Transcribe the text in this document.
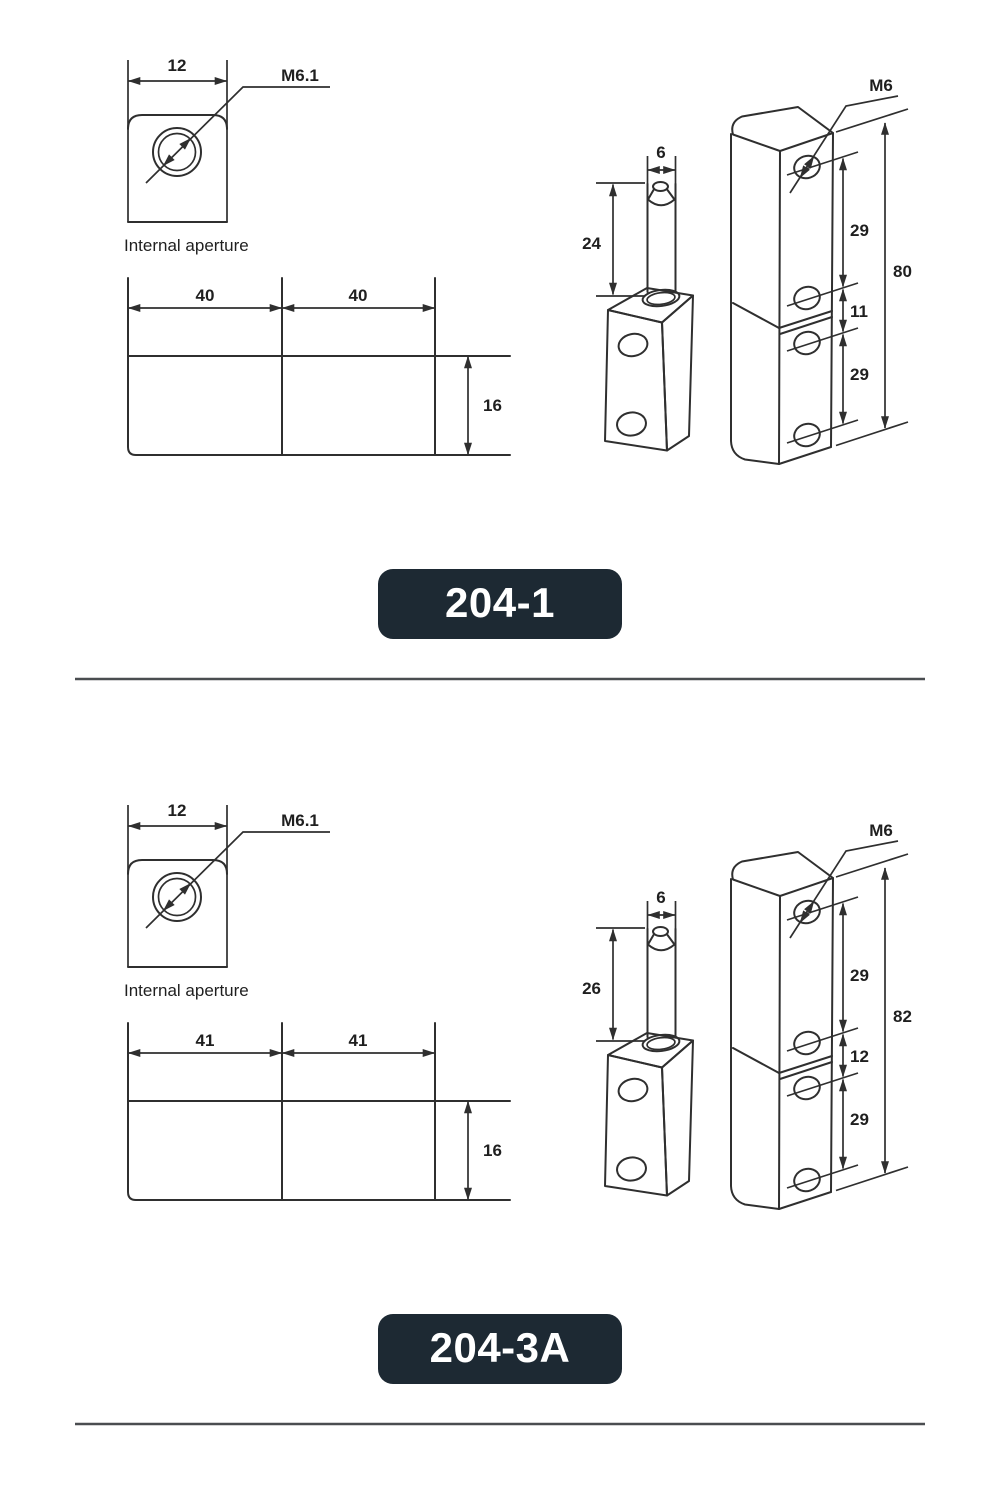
12
M6.1
Internal aperture
40	40
16
6
24
29
11
29
80
M6
204-1
12
M6.1
Internal aperture
41	41
16
6
26
29
12
29
82
M6
204-3A
